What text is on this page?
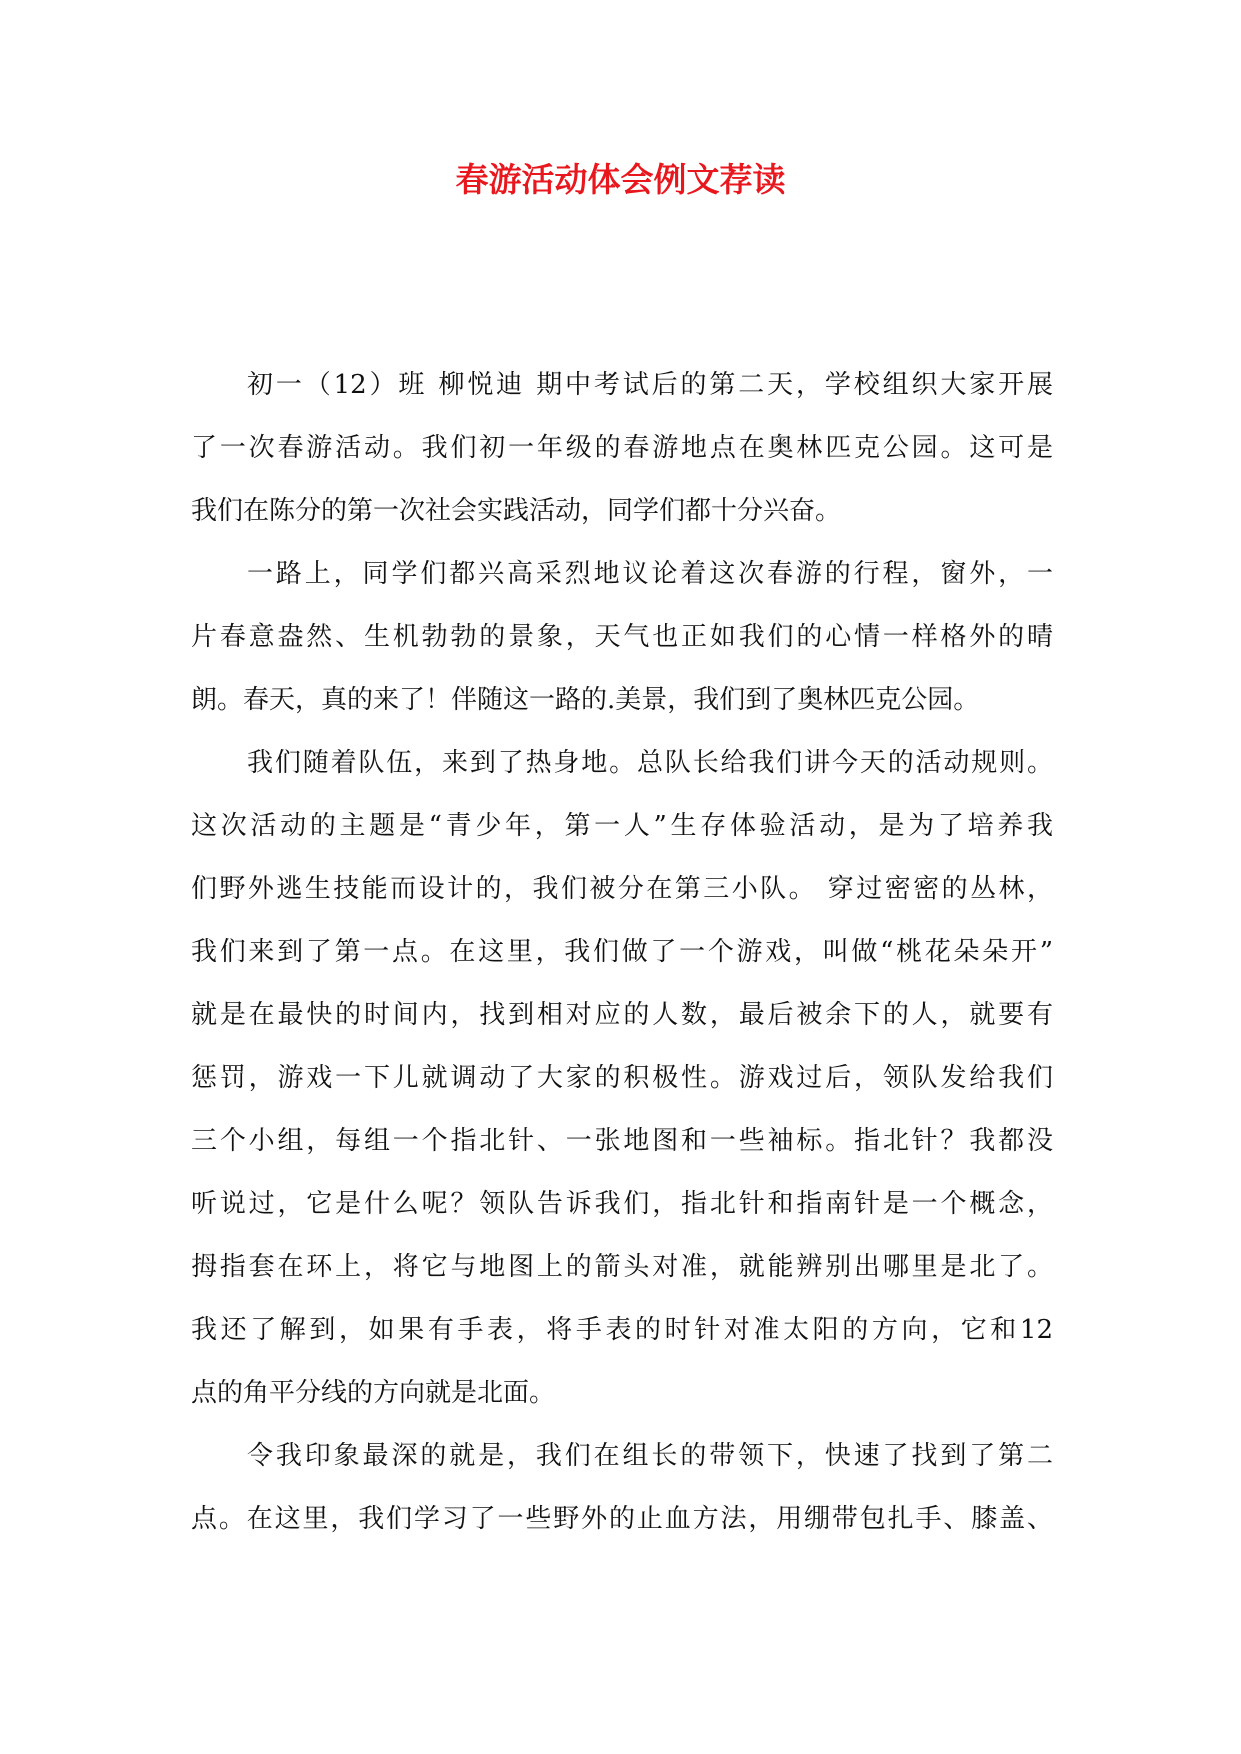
春游活动体会例文荐读

初一（12）班 柳悦迪 期中考试后的第二天，学校组织大家开展
了一次春游活动。我们初一年级的春游地点在奥林匹克公园。这可是
我们在陈分的第一次社会实践活动，同学们都十分兴奋。

一路上，同学们都兴高采烈地议论着这次春游的行程，窗外，一
片春意盎然、生机勃勃的景象，天气也正如我们的心情一样格外的晴
朗。春天，真的来了！伴随这一路的.美景，我们到了奥林匹克公园。

我们随着队伍，来到了热身地。总队长给我们讲今天的活动规则。
这次活动的主题是“青少年，第一人”生存体验活动，是为了培养我
们野外逃生技能而设计的，我们被分在第三小队。 穿过密密的丛林，
我们来到了第一点。在这里，我们做了一个游戏，叫做“桃花朵朵开”
就是在最快的时间内，找到相对应的人数，最后被余下的人，就要有
惩罚，游戏一下儿就调动了大家的积极性。游戏过后，领队发给我们
三个小组，每组一个指北针、一张地图和一些袖标。指北针？我都没
听说过，它是什么呢？领队告诉我们，指北针和指南针是一个概念，
拇指套在环上，将它与地图上的箭头对准，就能辨别出哪里是北了。
我还了解到，如果有手表，将手表的时针对准太阳的方向，它和12
点的角平分线的方向就是北面。

令我印象最深的就是，我们在组长的带领下，快速了找到了第二
点。在这里，我们学习了一些野外的止血方法，用绷带包扎手、膝盖、
